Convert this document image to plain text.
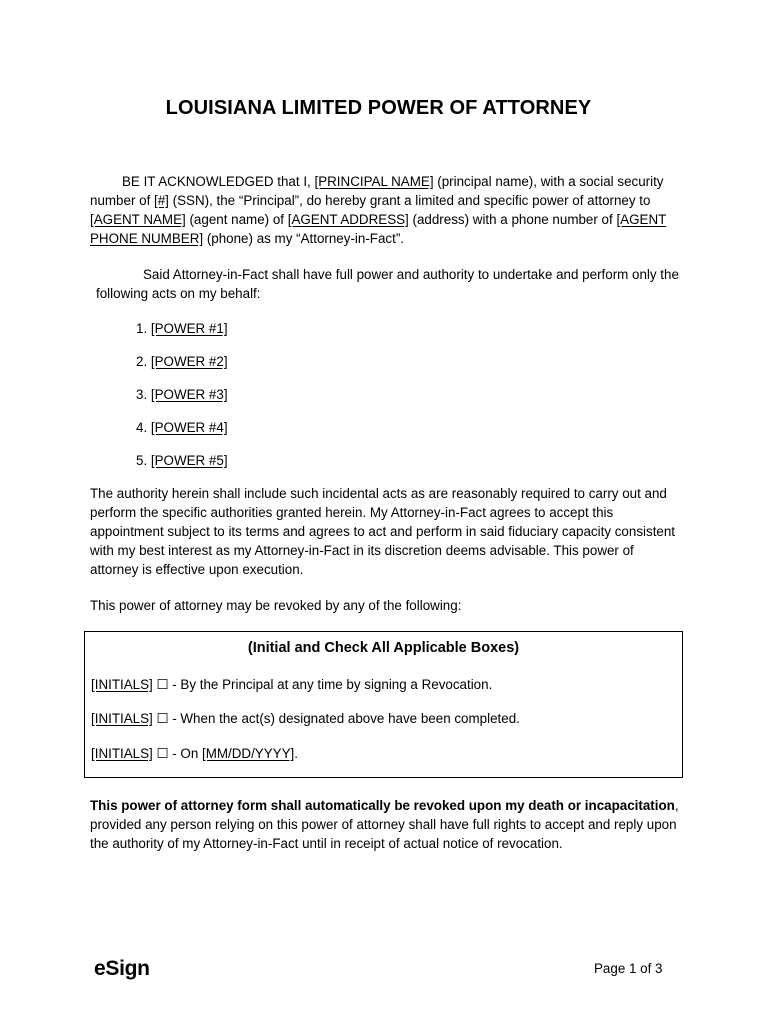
LOUISIANA LIMITED POWER OF ATTORNEY
BE IT ACKNOWLEDGED that I, [PRINCIPAL NAME] (principal name), with a social security number of [#] (SSN), the “Principal”, do hereby grant a limited and specific power of attorney to [AGENT NAME] (agent name) of [AGENT ADDRESS] (address) with a phone number of [AGENT PHONE NUMBER] (phone) as my “Attorney-in-Fact”.
Said Attorney-in-Fact shall have full power and authority to undertake and perform only the following acts on my behalf:
1. [POWER #1]
2. [POWER #2]
3. [POWER #3]
4. [POWER #4]
5. [POWER #5]
The authority herein shall include such incidental acts as are reasonably required to carry out and perform the specific authorities granted herein. My Attorney-in-Fact agrees to accept this appointment subject to its terms and agrees to act and perform in said fiduciary capacity consistent with my best interest as my Attorney-in-Fact in its discretion deems advisable. This power of attorney is effective upon execution.
This power of attorney may be revoked by any of the following:
(Initial and Check All Applicable Boxes)
[INITIALS] ☐ - By the Principal at any time by signing a Revocation.
[INITIALS] ☐ - When the act(s) designated above have been completed.
[INITIALS] ☐ - On [MM/DD/YYYY].
This power of attorney form shall automatically be revoked upon my death or incapacitation, provided any person relying on this power of attorney shall have full rights to accept and reply upon the authority of my Attorney-in-Fact until in receipt of actual notice of revocation.
eSign	Page 1 of 3
